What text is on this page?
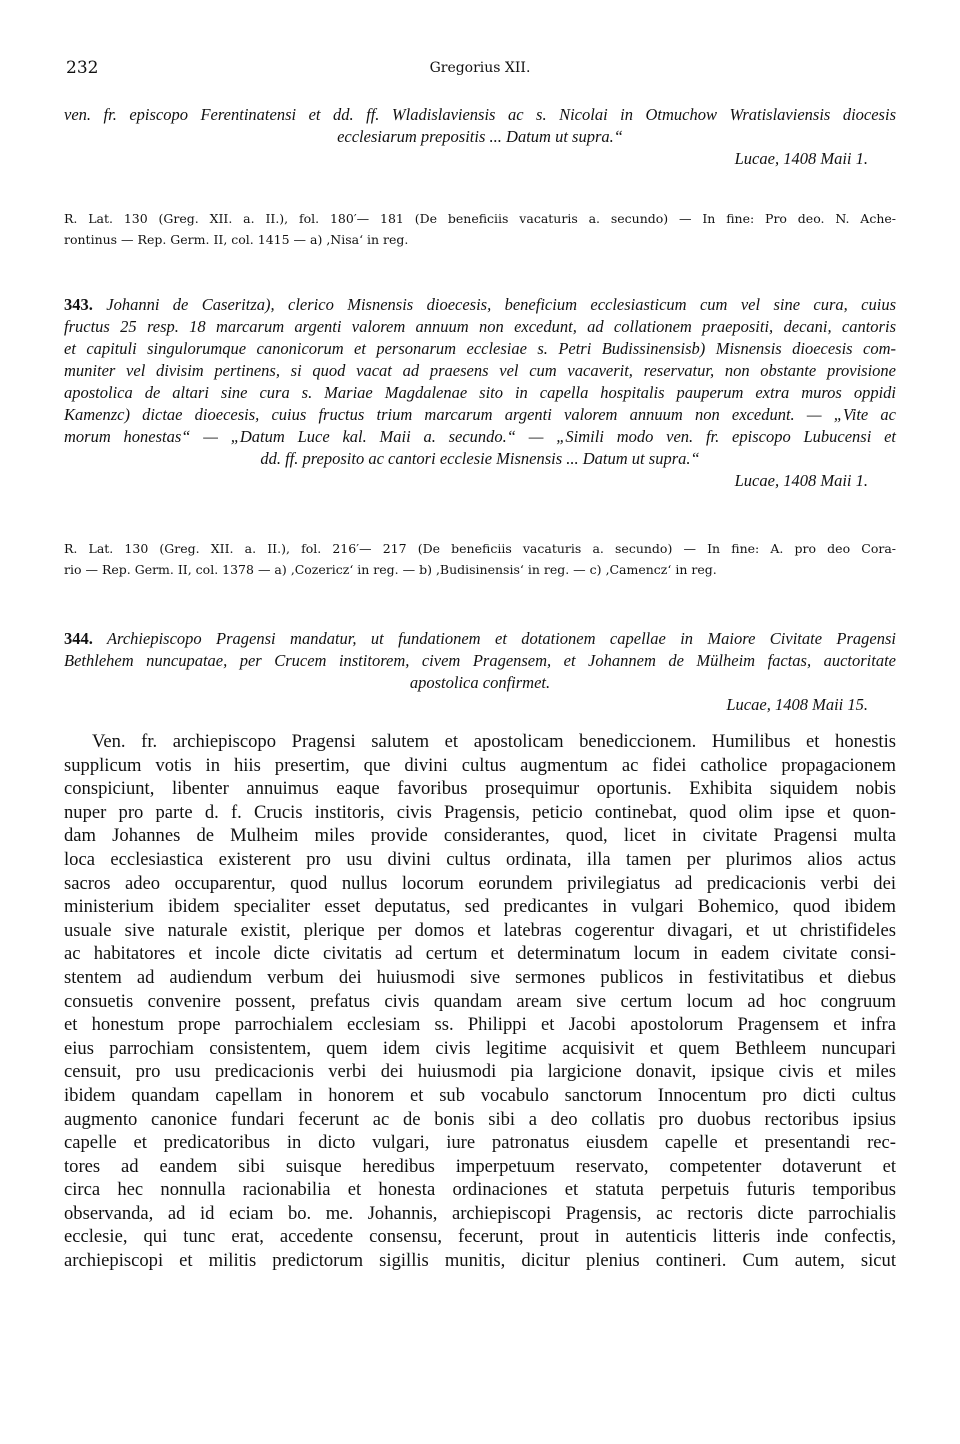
232	Gregorius XII.
ven. fr. episcopo Ferentinatensi et dd. ff. Wladislaviensis ac s. Nicolai in Otmuchow Wratislaviensis diocesis
ecclesiarum prepositis ... Datum ut supra.“
Lucae, 1408 Maii 1.
R. Lat. 130 (Greg. XII. a. II.), fol. 180′— 181 (De beneficiis vacaturis a. secundo) — In fine: Pro deo. N. Ache-
rontinus — Rep. Germ. II, col. 1415 — a) ‚Nisa‘ in reg.
343. Johanni de Caseritza), clerico Misnensis dioecesis, beneficium ecclesiasticum cum vel sine cura, cuius
fructus 25 resp. 18 marcarum argenti valorem annuum non excedunt, ad collationem praepositi, decani, cantoris
et capituli singulorumque canonicorum et personarum ecclesiae s. Petri Budissinensisb) Misnensis dioecesis com-
muniter vel divisim pertinens, si quod vacat ad praesens vel cum vacaverit, reservatur, non obstante provisione
apostolica de altari sine cura s. Mariae Magdalenae sito in capella hospitalis pauperum extra muros oppidi
Kamenzc) dictae dioecesis, cuius fructus trium marcarum argenti valorem annuum non excedunt. — „Vite ac
morum honestas“ — „Datum Luce kal. Maii a. secundo.“ — „Simili modo ven. fr. episcopo Lubucensi et
dd. ff. preposito ac cantori ecclesie Misnensis ... Datum ut supra.“
Lucae, 1408 Maii 1.
R. Lat. 130 (Greg. XII. a. II.), fol. 216′— 217 (De beneficiis vacaturis a. secundo) — In fine: A. pro deo Cora-
rio — Rep. Germ. II, col. 1378 — a) ‚Cozericz‘ in reg. — b) ‚Budisinensis‘ in reg. — c) ‚Camencz‘ in reg.
344. Archiepiscopo Pragensi mandatur, ut fundationem et dotationem capellae in Maiore Civitate Pragensi
Bethlehem nuncupatae, per Crucem institorem, civem Pragensem, et Johannem de Mülheim factas, auctoritate
apostolica confirmet.
Lucae, 1408 Maii 15.
Ven. fr. archiepiscopo Pragensi salutem et apostolicam benediccionem. Humilibus et honestis
supplicum votis in hiis presertim, que divini cultus augmentum ac fidei catholice propagacionem
conspiciunt, libenter annuimus eaque favoribus prosequimur oportunis. Exhibita siquidem nobis
nuper pro parte d. f. Crucis institoris, civis Pragensis, peticio continebat, quod olim ipse et quon-
dam Johannes de Mulheim miles provide considerantes, quod, licet in civitate Pragensi multa
loca ecclesiastica existerent pro usu divini cultus ordinata, illa tamen per plurimos alios actus
sacros adeo occuparentur, quod nullus locorum eorundem privilegiatus ad predicacionis verbi dei
ministerium ibidem specialiter esset deputatus, sed predicantes in vulgari Bohemico, quod ibidem
usuale sive naturale existit, plerique per domos et latebras cogerentur divagari, et ut christifideles
ac habitatores et incole dicte civitatis ad certum et determinatum locum in eadem civitate consi-
stentem ad audiendum verbum dei huiusmodi sive sermones publicos in festivitatibus et diebus
consuetis convenire possent, prefatus civis quandam aream sive certum locum ad hoc congruum
et honestum prope parrochialem ecclesiam ss. Philippi et Jacobi apostolorum Pragensem et infra
eius parrochiam consistentem, quem idem civis legitime acquisivit et quem Bethleem nuncupari
censuit, pro usu predicacionis verbi dei huiusmodi pia largicione donavit, ipsique civis et miles
ibidem quandam capellam in honorem et sub vocabulo sanctorum Innocentum pro dicti cultus
augmento canonice fundari fecerunt ac de bonis sibi a deo collatis pro duobus rectoribus ipsius
capelle et predicatoribus in dicto vulgari, iure patronatus eiusdem capelle et presentandi rec-
tores ad eandem sibi suisque heredibus imperpetuum reservato, competenter dotaverunt et
circa hec nonnulla racionabilia et honesta ordinaciones et statuta perpetuis futuris temporibus
observanda, ad id eciam bo. me. Johannis, archiepiscopi Pragensis, ac rectoris dicte parrochialis
ecclesie, qui tunc erat, accedente consensu, fecerunt, prout in autenticis litteris inde confectis,
archiepiscopi et militis predictorum sigillis munitis, dicitur plenius contineri. Cum autem, sicut
